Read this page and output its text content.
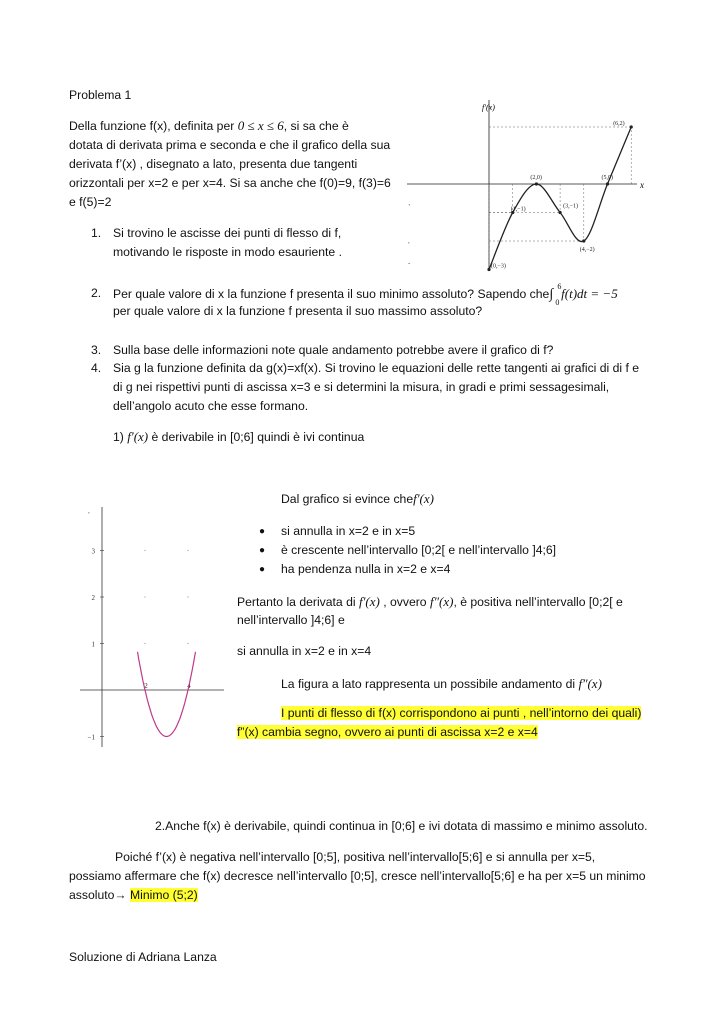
Problema 1
Della funzione f(x), definita per 0 ≤ x ≤ 6, si sa che è
dotata di derivata prima e seconda e che il grafico della sua
derivata f’(x) , disegnato a lato, presenta due tangenti
orizzontali per x=2 e per x=4. Si sa anche che f(0)=9, f(3)=6
e f(5)=2
f′(x)
x
(0,−3)
(1,−1)
(2,0)
(3,−1)
(4,−2)
(5,0)
(6,2)
‚
,
-
1. Si trovino le ascisse dei punti di flesso di f,
motivando le risposte in modo esauriente .
2. Per quale valore di x la funzione f presenta il suo minimo assoluto? Sapendo che∫
6
0
f(t)dt = −5
per quale valore di x la funzione f presenta il suo massimo assoluto?
3. Sulla base delle informazioni note quale andamento potrebbe avere il grafico di f?
4. Sia g la funzione definita da g(x)=xf(x). Si trovino le equazioni delle rette tangenti ai grafici di di f e
di g nei rispettivi punti di ascissa x=3 e si determini la misura, in gradi e primi sessagesimali,
dell’angolo acuto che esse formano.
1) f′(x) è derivabile in [0;6] quindi è ivi continua
Dal grafico si evince chef′(x)
● si annulla in x=2 e in x=5
● è crescente nell’intervallo [0;2[ e nell’intervallo ]4;6]
● ha pendenza nulla in x=2 e x=4
Pertanto la derivata di f′(x) , ovvero f″(x), è positiva nell’intervallo [0;2[ e
nell’intervallo ]4;6] e
si annulla in x=2 e in x=4
La figura a lato rappresenta un possibile andamento di f″(x)
I punti di flesso di f(x) corrispondono ai punti , nell’intorno dei quali)
f”(x) cambia segno, ovvero ai punti di ascissa x=2 e x=4
,
3
2
1
−1
2	4
2.Anche f(x) è derivabile, quindi continua in [0;6] e ivi dotata di massimo e minimo assoluto.
Poiché f’(x) è negativa nell’intervallo [0;5], positiva nell’intervallo[5;6] e si annulla per x=5,
possiamo affermare che f(x) decresce nell’intervallo [0;5], cresce nell’intervallo[5;6] e ha per x=5 un minimo
assoluto→ Minimo (5;2)
Soluzione di Adriana Lanza
